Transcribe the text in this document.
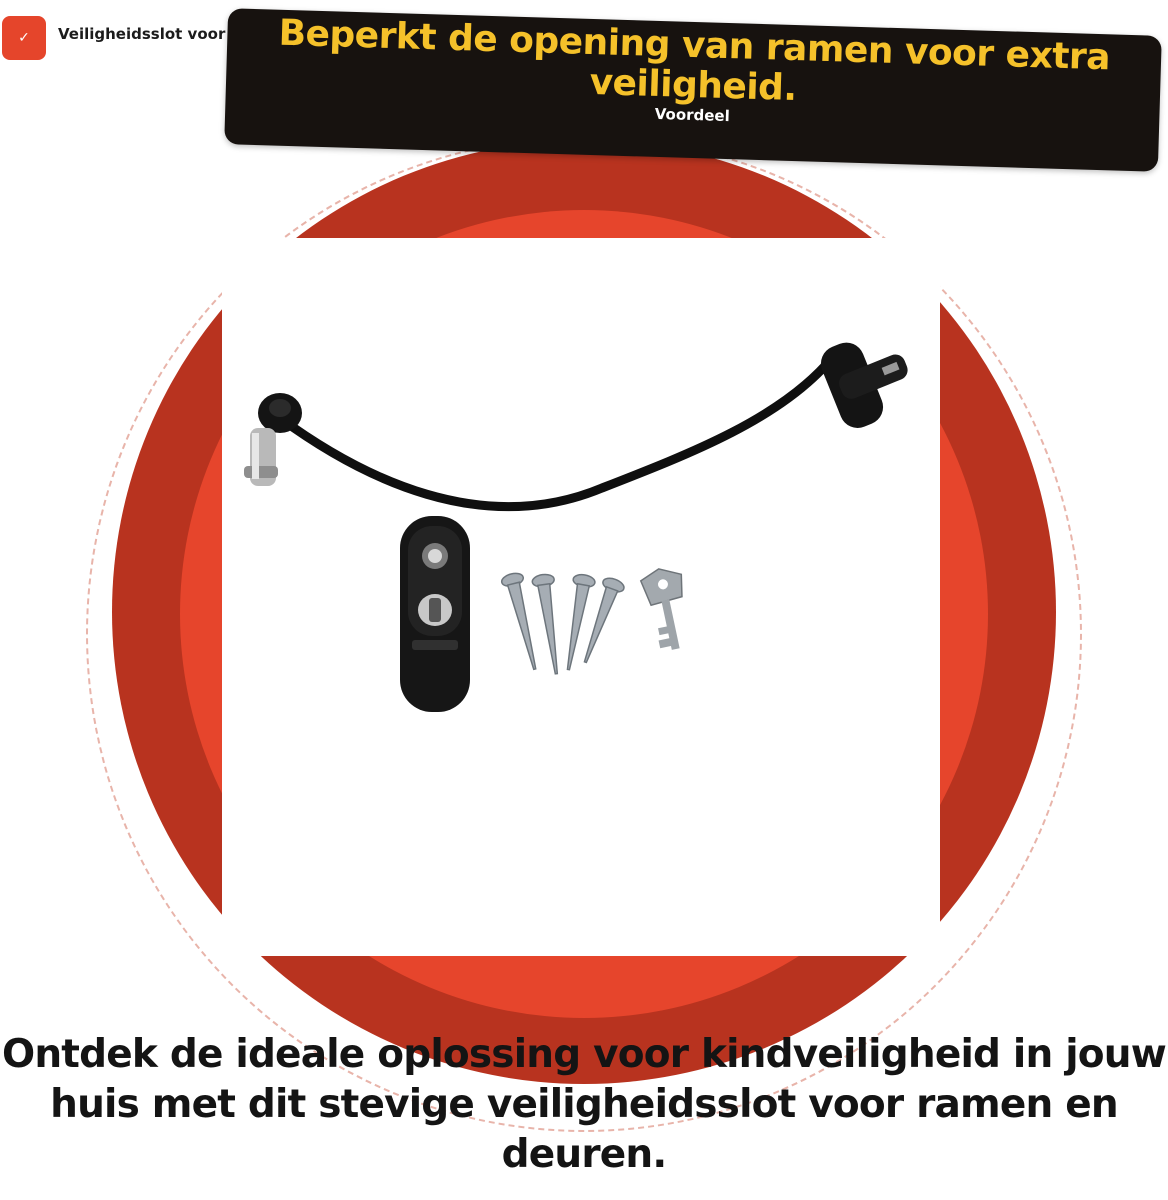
✓ Veiligheidsslot voor	Beperkt de opening van ramen voor extra veiligheid.
Voordeel
Ontdek de ideale oplossing voor kindveiligheid in jouw huis met dit stevige veiligheidsslot voor ramen en deuren.
